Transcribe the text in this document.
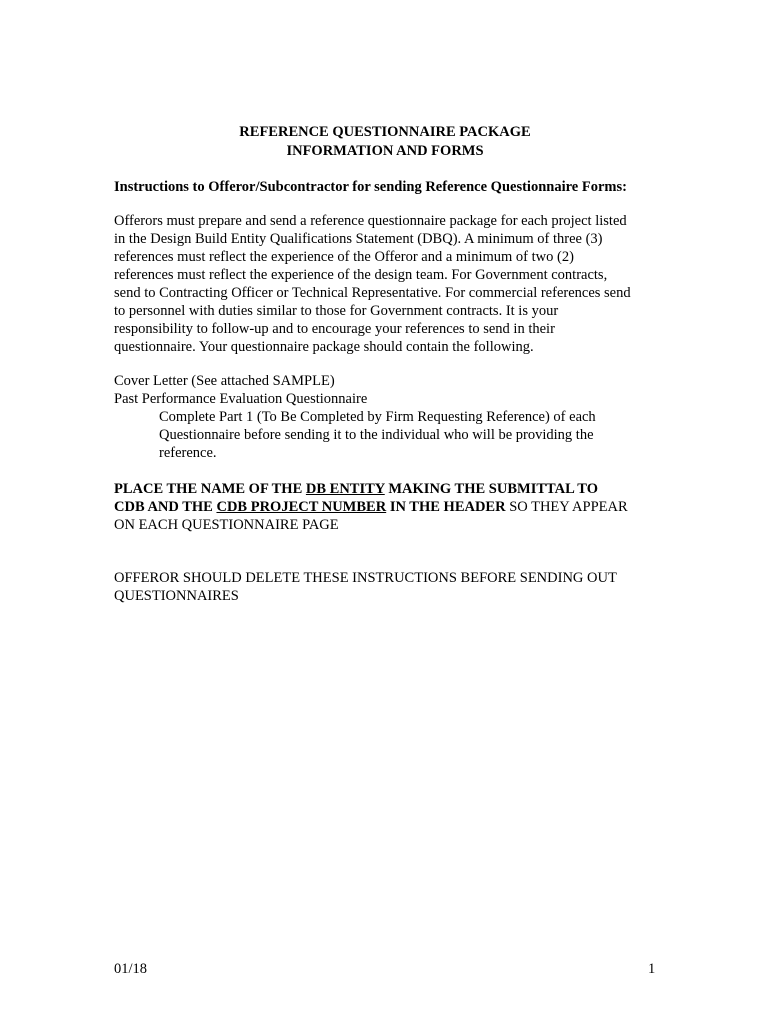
REFERENCE QUESTIONNAIRE PACKAGE
INFORMATION AND FORMS
Instructions to Offeror/Subcontractor for sending Reference Questionnaire Forms:
Offerors must prepare and send a reference questionnaire package for each project listed
in the Design Build Entity Qualifications Statement (DBQ). A minimum of three (3)
references must reflect the experience of the Offeror and a minimum of two (2)
references must reflect the experience of the design team. For Government contracts,
send to Contracting Officer or Technical Representative. For commercial references send
to personnel with duties similar to those for Government contracts. It is your
responsibility to follow-up and to encourage your references to send in their
questionnaire. Your questionnaire package should contain the following.
Cover Letter (See attached SAMPLE)
Past Performance Evaluation Questionnaire
Complete Part 1 (To Be Completed by Firm Requesting Reference) of each
Questionnaire before sending it to the individual who will be providing the
reference.
PLACE THE NAME OF THE DB ENTITY MAKING THE SUBMITTAL TO
CDB AND THE CDB PROJECT NUMBER IN THE HEADER SO THEY APPEAR
ON EACH QUESTIONNAIRE PAGE
OFFEROR SHOULD DELETE THESE INSTRUCTIONS BEFORE SENDING OUT
QUESTIONNAIRES
01/18	1
